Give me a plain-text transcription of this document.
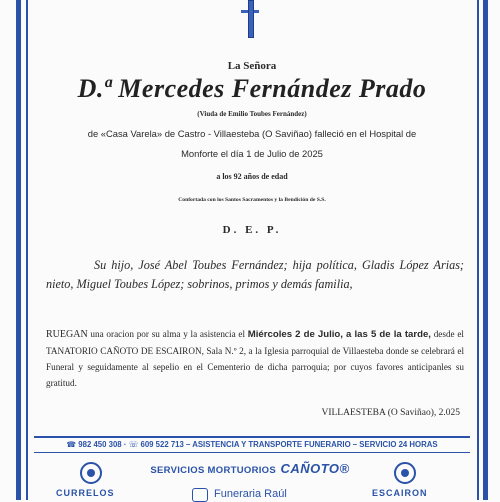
La Señora
D.ª Mercedes Fernández Prado
(Viuda de Emilio Toubes Fernández)
de «Casa Varela» de Castro - Villaesteba (O Saviñao) falleció en el Hospital de
Monforte el día 1 de Julio de 2025
a los 92 años de edad
Confortada con los Santos Sacramentos y la Bendición de S.S.
D. E. P.
Su hijo, José Abel Toubes Fernández; hija política, Gladis López Arias; nieto, Miguel Toubes López; sobrinos, primos y demás familia,
RUEGAN una oracion por su alma y la asistencia el Miércoles 2 de Julio, a las 5 de la tarde, desde el TANATORIO CAÑOTO DE ESCAIRON, Sala N.º 2, a la Iglesia parroquial de Villaesteba donde se celebrará el Funeral y seguidamente al sepelio en el Cementerio de dicha parroquia; por cuyos favores anticipanles su gratitud.
VILLAESTEBA (O Saviñao), 2.025
☎ 982 450 308 · ☏ 609 522 713 – ASISTENCIA Y TRANSPORTE FUNERARIO – SERVICIO 24 HORAS
SERVICIOS MORTUORIOS CAÑOTO®
CURRELOS	Funeraria Raúl	ESCAIRON
